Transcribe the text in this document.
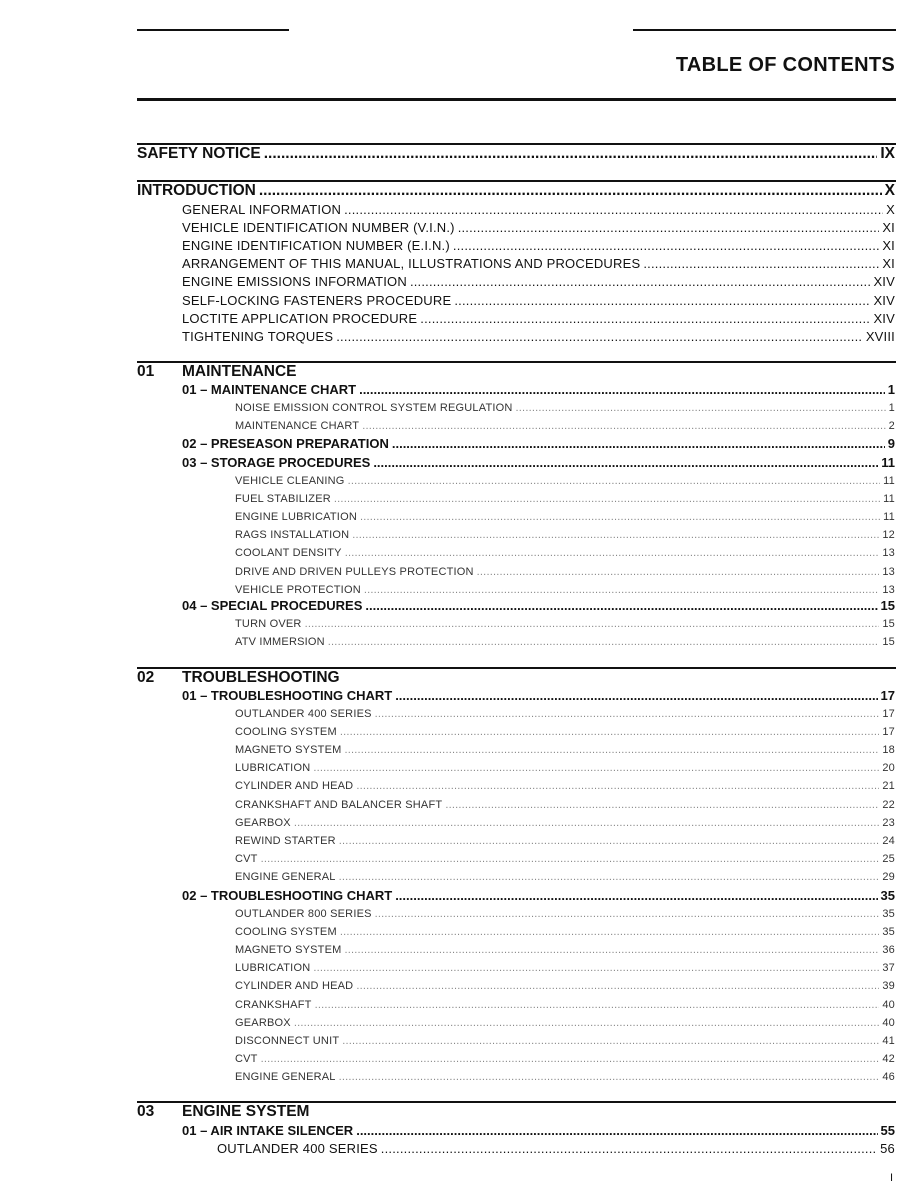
TABLE OF CONTENTS
SAFETY NOTICE .....	IX
INTRODUCTION .....	X
GENERAL INFORMATION .....	X
VEHICLE IDENTIFICATION NUMBER (V.I.N.) .....	XI
ENGINE IDENTIFICATION NUMBER (E.I.N.) .....	XI
ARRANGEMENT OF THIS MANUAL, ILLUSTRATIONS AND PROCEDURES .....	XI
ENGINE EMISSIONS INFORMATION .....	XIV
SELF-LOCKING FASTENERS PROCEDURE .....	XIV
LOCTITE APPLICATION PROCEDURE .....	XIV
TIGHTENING TORQUES .....	XVIII
01 MAINTENANCE
01 – MAINTENANCE CHART .....	1
NOISE EMISSION CONTROL SYSTEM REGULATION .....	1
MAINTENANCE CHART .....	2
02 – PRESEASON PREPARATION .....	9
03 – STORAGE PROCEDURES .....	11
VEHICLE CLEANING .....	11
FUEL STABILIZER .....	11
ENGINE LUBRICATION .....	11
RAGS INSTALLATION .....	12
COOLANT DENSITY .....	13
DRIVE AND DRIVEN PULLEYS PROTECTION .....	13
VEHICLE PROTECTION .....	13
04 – SPECIAL PROCEDURES .....	15
TURN OVER .....	15
ATV IMMERSION .....	15
02 TROUBLESHOOTING
01 – TROUBLESHOOTING CHART .....	17
OUTLANDER 400 SERIES .....	17
COOLING SYSTEM .....	17
MAGNETO SYSTEM .....	18
LUBRICATION .....	20
CYLINDER AND HEAD .....	21
CRANKSHAFT AND BALANCER SHAFT .....	22
GEARBOX .....	23
REWIND STARTER .....	24
CVT .....	25
ENGINE GENERAL .....	29
02 – TROUBLESHOOTING CHART .....	35
OUTLANDER 800 SERIES .....	35
COOLING SYSTEM .....	35
MAGNETO SYSTEM .....	36
LUBRICATION .....	37
CYLINDER AND HEAD .....	39
CRANKSHAFT .....	40
GEARBOX .....	40
DISCONNECT UNIT .....	41
CVT .....	42
ENGINE GENERAL .....	46
03 ENGINE SYSTEM
01 – AIR INTAKE SILENCER .....	55
OUTLANDER 400 SERIES .....	56
I
